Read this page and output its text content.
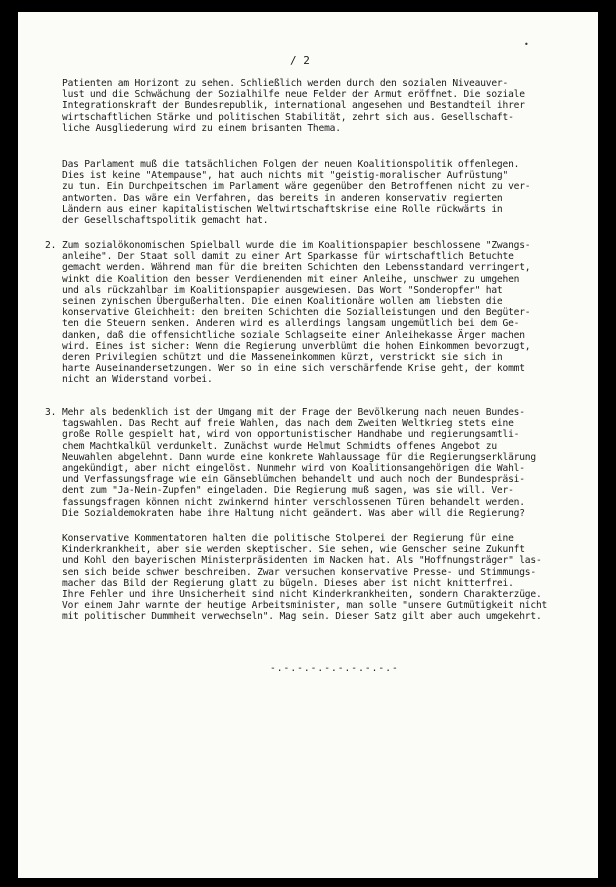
/ 2
•
Patienten am Horizont zu sehen. Schließlich werden durch den sozialen Niveauver-
lust und die Schwächung der Sozialhilfe neue Felder der Armut eröffnet. Die soziale
Integrationskraft der Bundesrepublik, international angesehen und Bestandteil ihrer
wirtschaftlichen Stärke und politischen Stabilität, zehrt sich aus. Gesellschaft-
liche Ausgliederung wird zu einem brisanten Thema.
Das Parlament muß die tatsächlichen Folgen der neuen Koalitionspolitik offenlegen.
Dies ist keine "Atempause", hat auch nichts mit "geistig-moralischer Aufrüstung"
zu tun. Ein Durchpeitschen im Parlament wäre gegenüber den Betroffenen nicht zu ver-
antworten. Das wäre ein Verfahren, das bereits in anderen konservativ regierten
Ländern aus einer kapitalistischen Weltwirtschaftskrise eine Rolle rückwärts in
der Gesellschaftspolitik gemacht hat.
2. Zum sozialökonomischen Spielball wurde die im Koalitionspapier beschlossene "Zwangs-
anleihe". Der Staat soll damit zu einer Art Sparkasse für wirtschaftlich Betuchte
gemacht werden. Während man für die breiten Schichten den Lebensstandard verringert,
winkt die Koalition den besser Verdienenden mit einer Anleihe, unschwer zu umgehen
und als rückzahlbar im Koalitionspapier ausgewiesen. Das Wort "Sonderopfer" hat
seinen zynischen Übergußerhalten. Die einen Koalitionäre wollen am liebsten die
konservative Gleichheit: den breiten Schichten die Sozialleistungen und den Begüter-
ten die Steuern senken. Anderen wird es allerdings langsam ungemütlich bei dem Ge-
danken, daß die offensichtliche soziale Schlagseite einer Anleihekasse Ärger machen
wird. Eines ist sicher: Wenn die Regierung unverblümt die hohen Einkommen bevorzugt,
deren Privilegien schützt und die Masseneinkommen kürzt, verstrickt sie sich in
harte Auseinandersetzungen. Wer so in eine sich verschärfende Krise geht, der kommt
nicht an Widerstand vorbei.
3. Mehr als bedenklich ist der Umgang mit der Frage der Bevölkerung nach neuen Bundes-
tagswahlen. Das Recht auf freie Wahlen, das nach dem Zweiten Weltkrieg stets eine
große Rolle gespielt hat, wird von opportunistischer Handhabe und regierungsamtli-
chem Machtkalkül verdunkelt. Zunächst wurde Helmut Schmidts offenes Angebot zu
Neuwahlen abgelehnt. Dann wurde eine konkrete Wahlaussage für die Regierungserklärung
angekündigt, aber nicht eingelöst. Nunmehr wird von Koalitionsangehörigen die Wahl-
und Verfassungsfrage wie ein Gänseblümchen behandelt und auch noch der Bundespräsi-
dent zum "Ja-Nein-Zupfen" eingeladen. Die Regierung muß sagen, was sie will. Ver-
fassungsfragen können nicht zwinkernd hinter verschlossenen Türen behandelt werden.
Die Sozialdemokraten habe ihre Haltung nicht geändert. Was aber will die Regierung?
Konservative Kommentatoren halten die politische Stolperei der Regierung für eine
Kinderkrankheit, aber sie werden skeptischer. Sie sehen, wie Genscher seine Zukunft
und Kohl den bayerischen Ministerpräsidenten im Nacken hat. Als "Hoffnungsträger" las-
sen sich beide schwer beschreiben. Zwar versuchen konservative Presse- und Stimmungs-
macher das Bild der Regierung glatt zu bügeln. Dieses aber ist nicht knitterfrei.
Ihre Fehler und ihre Unsicherheit sind nicht Kinderkrankheiten, sondern Charakterzüge.
Vor einem Jahr warnte der heutige Arbeitsminister, man solle "unsere Gutmütigkeit nicht
mit politischer Dummheit verwechseln". Mag sein. Dieser Satz gilt aber auch umgekehrt.
-.-.-.-.-.-.-.-.-.-
